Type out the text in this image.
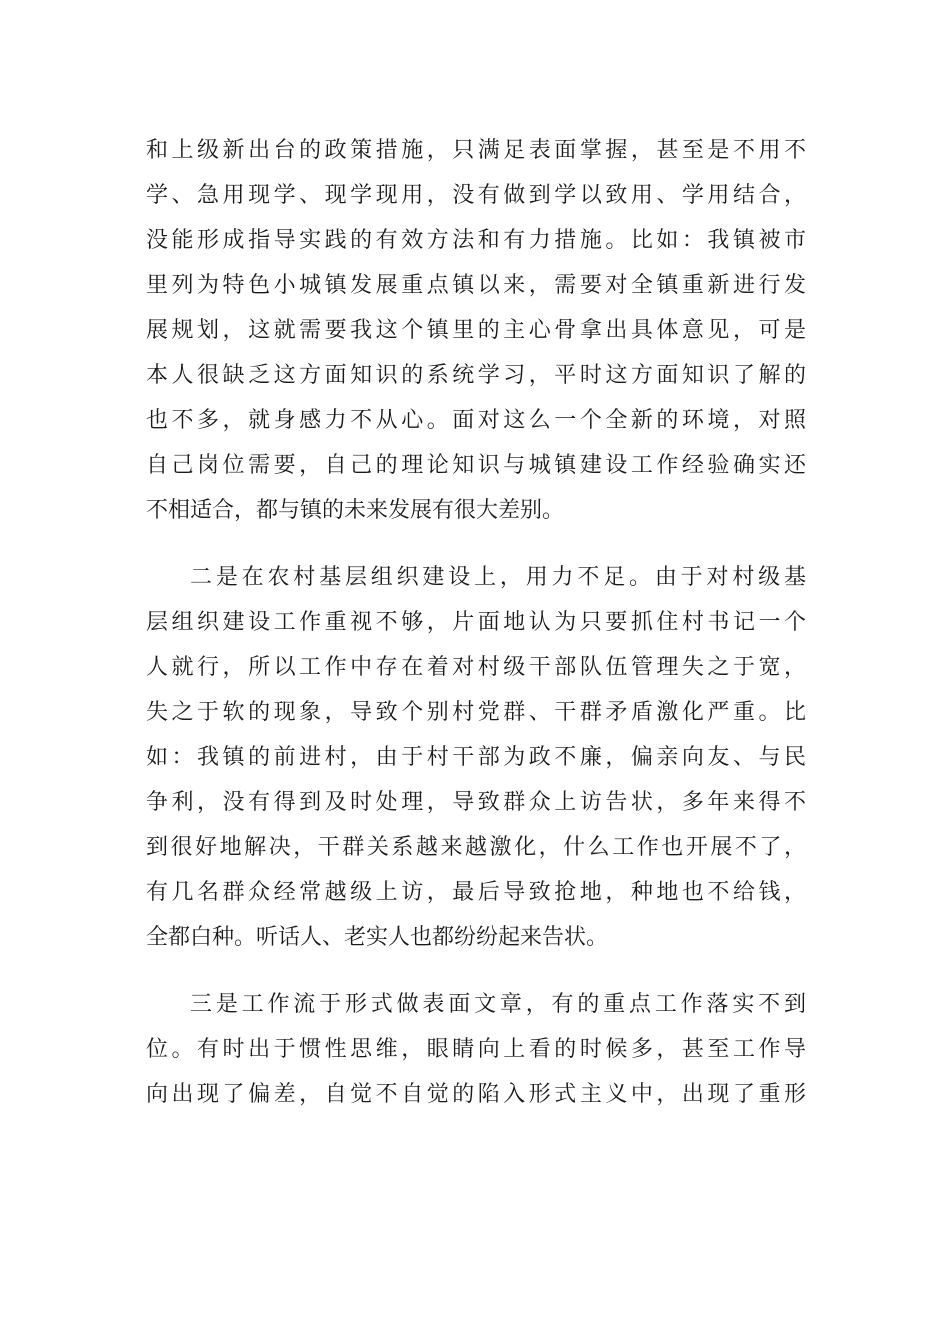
和上级新出台的政策措施，只满足表面掌握，甚至是不用不
学、急用现学、现学现用，没有做到学以致用、学用结合，
没能形成指导实践的有效方法和有力措施。比如：我镇被市
里列为特色小城镇发展重点镇以来，需要对全镇重新进行发
展规划，这就需要我这个镇里的主心骨拿出具体意见，可是
本人很缺乏这方面知识的系统学习，平时这方面知识了解的
也不多，就身感力不从心。面对这么一个全新的环境，对照
自己岗位需要，自己的理论知识与城镇建设工作经验确实还
不相适合，都与镇的未来发展有很大差别。
二是在农村基层组织建设上，用力不足。由于对村级基
层组织建设工作重视不够，片面地认为只要抓住村书记一个
人就行，所以工作中存在着对村级干部队伍管理失之于宽，
失之于软的现象，导致个别村党群、干群矛盾激化严重。比
如：我镇的前进村，由于村干部为政不廉，偏亲向友、与民
争利，没有得到及时处理，导致群众上访告状，多年来得不
到很好地解决，干群关系越来越激化，什么工作也开展不了，
有几名群众经常越级上访，最后导致抢地，种地也不给钱，
全都白种。听话人、老实人也都纷纷起来告状。
三是工作流于形式做表面文章，有的重点工作落实不到
位。有时出于惯性思维，眼睛向上看的时候多，甚至工作导
向出现了偏差，自觉不自觉的陷入形式主义中，出现了重形
